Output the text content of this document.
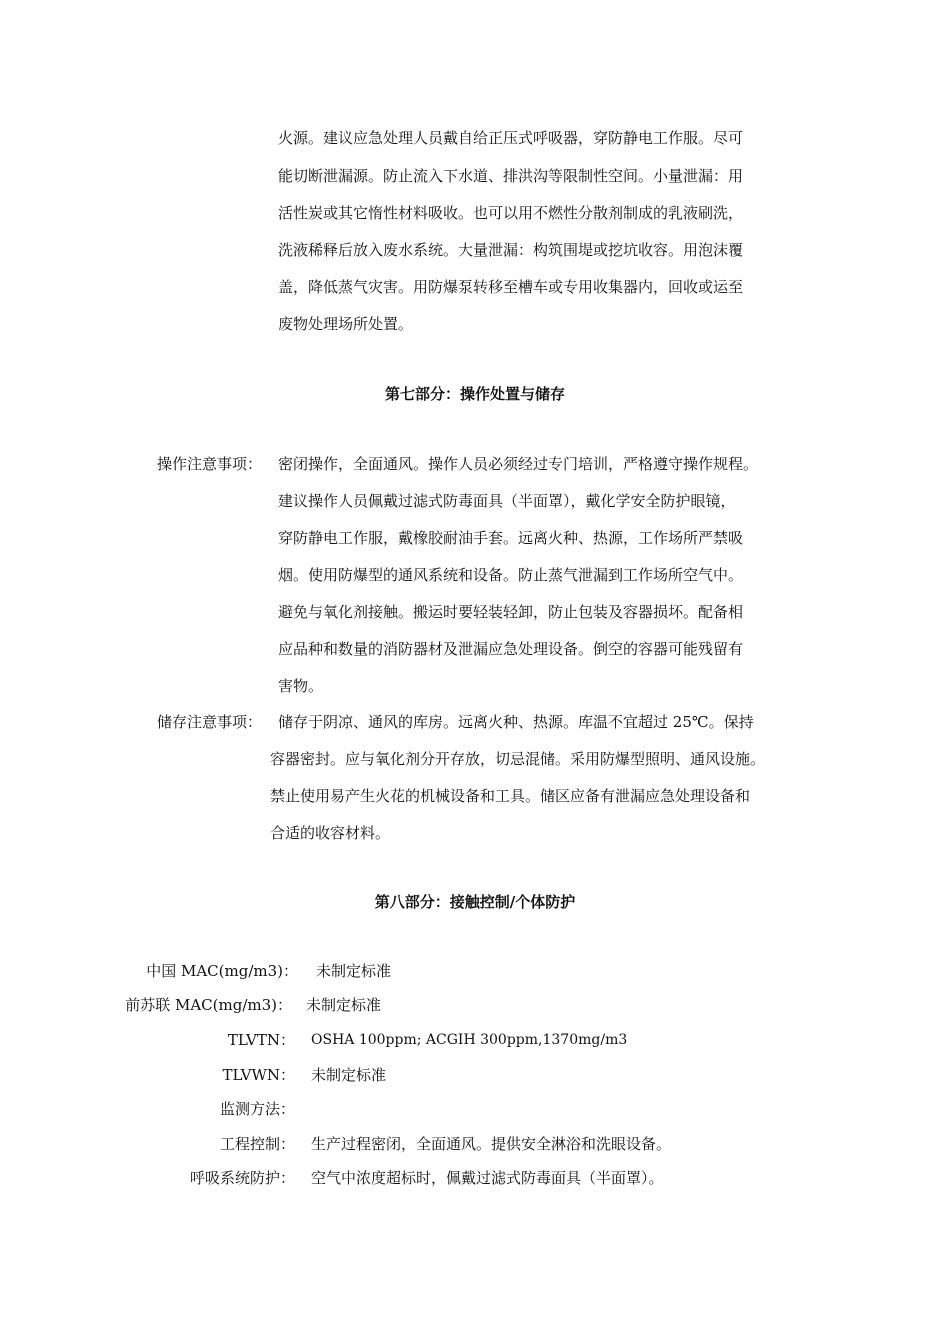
火源。建议应急处理人员戴自给正压式呼吸器，穿防静电工作服。尽可
能切断泄漏源。防止流入下水道、排洪沟等限制性空间。小量泄漏：用
活性炭或其它惰性材料吸收。也可以用不燃性分散剂制成的乳液刷洗，
洗液稀释后放入废水系统。大量泄漏：构筑围堤或挖坑收容。用泡沫覆
盖，降低蒸气灾害。用防爆泵转移至槽车或专用收集器内，回收或运至
废物处理场所处置。
第七部分：操作处置与储存
操作注意事项： 密闭操作，全面通风。操作人员必须经过专门培训，严格遵守操作规程。
建议操作人员佩戴过滤式防毒面具（半面罩），戴化学安全防护眼镜，
穿防静电工作服，戴橡胶耐油手套。远离火种、热源，工作场所严禁吸
烟。使用防爆型的通风系统和设备。防止蒸气泄漏到工作场所空气中。
避免与氧化剂接触。搬运时要轻装轻卸，防止包装及容器损坏。配备相
应品种和数量的消防器材及泄漏应急处理设备。倒空的容器可能残留有
害物。
储存注意事项： 储存于阴凉、通风的库房。远离火种、热源。库温不宜超过 25℃。保持
容器密封。应与氧化剂分开存放，切忌混储。采用防爆型照明、通风设施。
禁止使用易产生火花的机械设备和工具。储区应备有泄漏应急处理设备和
合适的收容材料。
第八部分：接触控制/个体防护
中国 MAC(mg/m3)： 未制定标准
前苏联 MAC(mg/m3)： 未制定标准
TLVTN： OSHA 100ppm; ACGIH 300ppm,1370mg/m3
TLVWN： 未制定标准
监测方法：
工程控制： 生产过程密闭，全面通风。提供安全淋浴和洗眼设备。
呼吸系统防护： 空气中浓度超标时，佩戴过滤式防毒面具（半面罩）。
